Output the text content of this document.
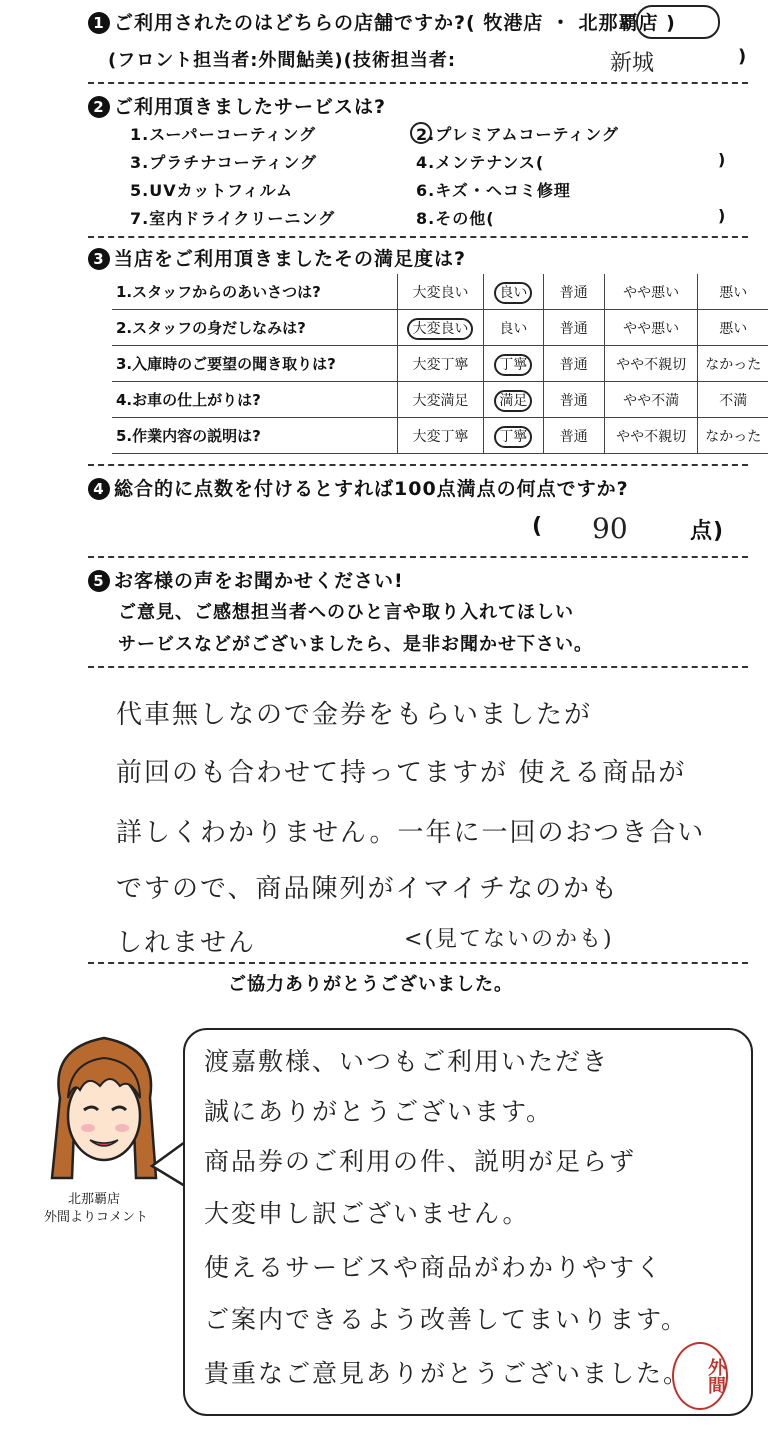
1 ご利用されたのはどちらの店舗ですか?( 牧港店 ・ 北那覇店 )
(フロント担当者:外間鮎美)(技術担当者:	新城	)
2 ご利用頂きましたサービスは?
1.スーパーコーティング	2.プレミアムコーティング
3.プラチナコーティング	4.メンテナンス(	)
5.UVカットフィルム	6.キズ・ヘコミ修理
7.室内ドライクリーニング	8.その他(	)
3 当店をご利用頂きましたその満足度は?
1.スタッフからのあいさつは?	大変良い	良い	普通	やや悪い	悪い
2.スタッフの身だしなみは?	大変良い	良い	普通	やや悪い	悪い
3.入庫時のご要望の聞き取りは?	大変丁寧	丁寧	普通	やや不親切	なかった
4.お車の仕上がりは?	大変満足	満足	普通	やや不満	不満
5.作業内容の説明は?	大変丁寧	丁寧	普通	やや不親切	なかった
4 総合的に点数を付けるとすれば100点満点の何点ですか?
( 90	点)
5 お客様の声をお聞かせください!
ご意見、ご感想担当者へのひと言や取り入れてほしい
サービスなどがございましたら、是非お聞かせ下さい。
代車無しなので金券をもらいましたが
前回のも合わせて持ってますが 使える商品が
詳しくわかりません。一年に一回のおつき合い
ですので、商品陳列がイマイチなのかも
しれません	<(見てないのかも)
ご協力ありがとうございました。
北那覇店
外間よりコメント
渡嘉敷様、いつもご利用いただき
誠にありがとうございます。
商品券のご利用の件、説明が足らず
大変申し訳ございません。
使えるサービスや商品がわかりやすく
ご案内できるよう改善してまいります。
貴重なご意見ありがとうございました。 外間
